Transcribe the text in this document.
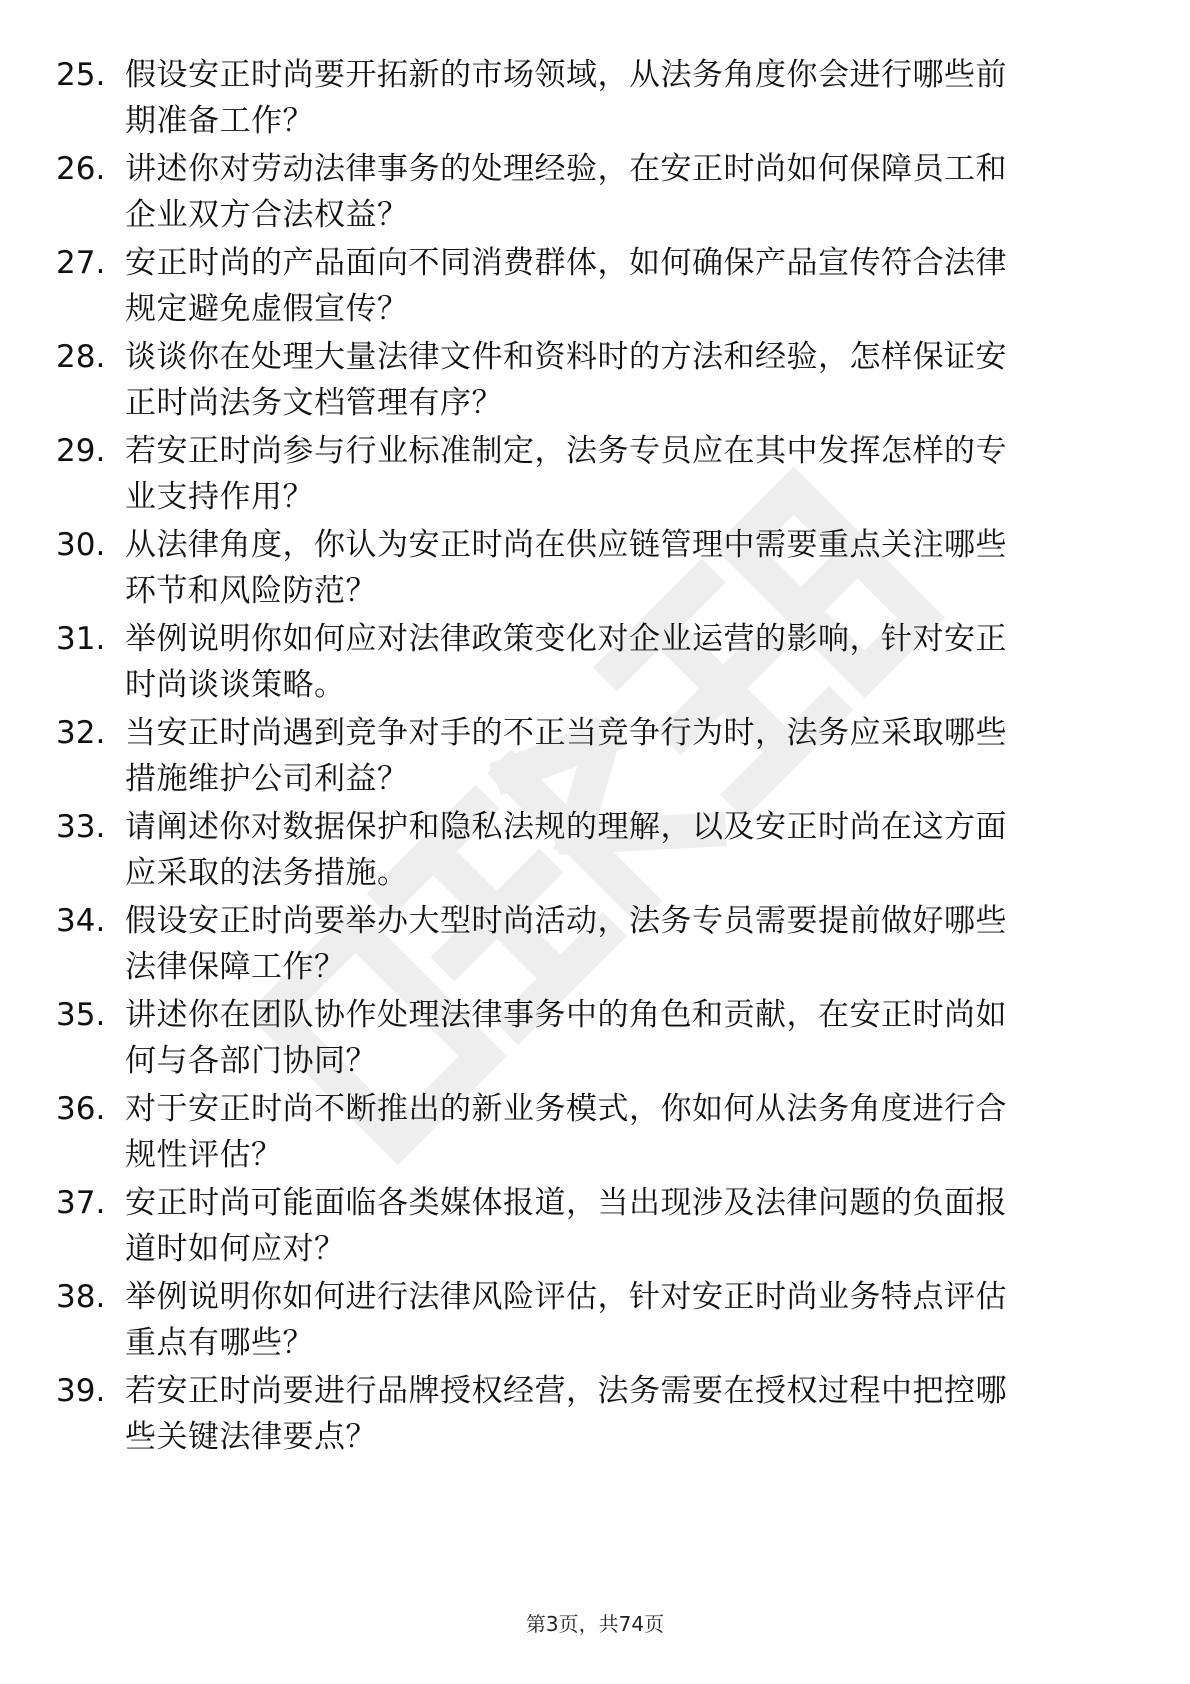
25. 假设安正时尚要开拓新的市场领域，从法务角度你会进行哪些前
期准备工作？
26. 讲述你对劳动法律事务的处理经验，在安正时尚如何保障员工和
企业双方合法权益？
27. 安正时尚的产品面向不同消费群体，如何确保产品宣传符合法律
规定避免虚假宣传？
28. 谈谈你在处理大量法律文件和资料时的方法和经验，怎样保证安
正时尚法务文档管理有序？
29. 若安正时尚参与行业标准制定，法务专员应在其中发挥怎样的专
业支持作用？
30. 从法律角度，你认为安正时尚在供应链管理中需要重点关注哪些
环节和风险防范？
31. 举例说明你如何应对法律政策变化对企业运营的影响，针对安正
时尚谈谈策略。
32. 当安正时尚遇到竞争对手的不正当竞争行为时，法务应采取哪些
措施维护公司利益？
33. 请阐述你对数据保护和隐私法规的理解，以及安正时尚在这方面
应采取的法务措施。
34. 假设安正时尚要举办大型时尚活动，法务专员需要提前做好哪些
法律保障工作？
35. 讲述你在团队协作处理法律事务中的角色和贡献，在安正时尚如
何与各部门协同？
36. 对于安正时尚不断推出的新业务模式，你如何从法务角度进行合
规性评估？
37. 安正时尚可能面临各类媒体报道，当出现涉及法律问题的负面报
道时如何应对？
38. 举例说明你如何进行法律风险评估，针对安正时尚业务特点评估
重点有哪些？
39. 若安正时尚要进行品牌授权经营，法务需要在授权过程中把控哪
些关键法律要点？
第3页，共74页
